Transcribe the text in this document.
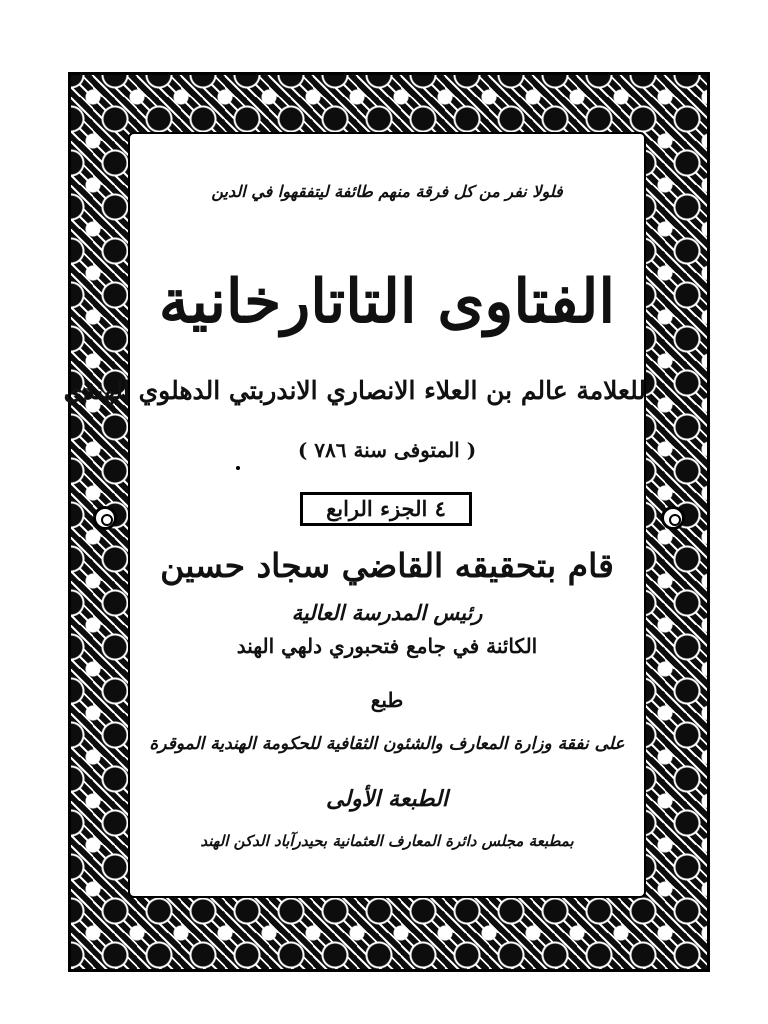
فلولا نفر من كل فرقة منهم طائفة ليتفقهوا في الدين
الفتاوى التاتارخانية
للعلامة عالم بن العلاء الانصاري الاندربتي الدهلوي الهندي
( المتوفى سنة ٧٨٦ )
٤ الجزء الرابع
قام بتحقيقه القاضي سجاد حسين
رئيس المدرسة العالية
الكائنة في جامع فتحبوري دلهي الهند
طبع
على نفقة وزارة المعارف والشئون الثقافية للحكومة الهندية الموقرة
الطبعة الأولى
بمطبعة مجلس دائرة المعارف العثمانية بحيدرآباد الدكن الهند
